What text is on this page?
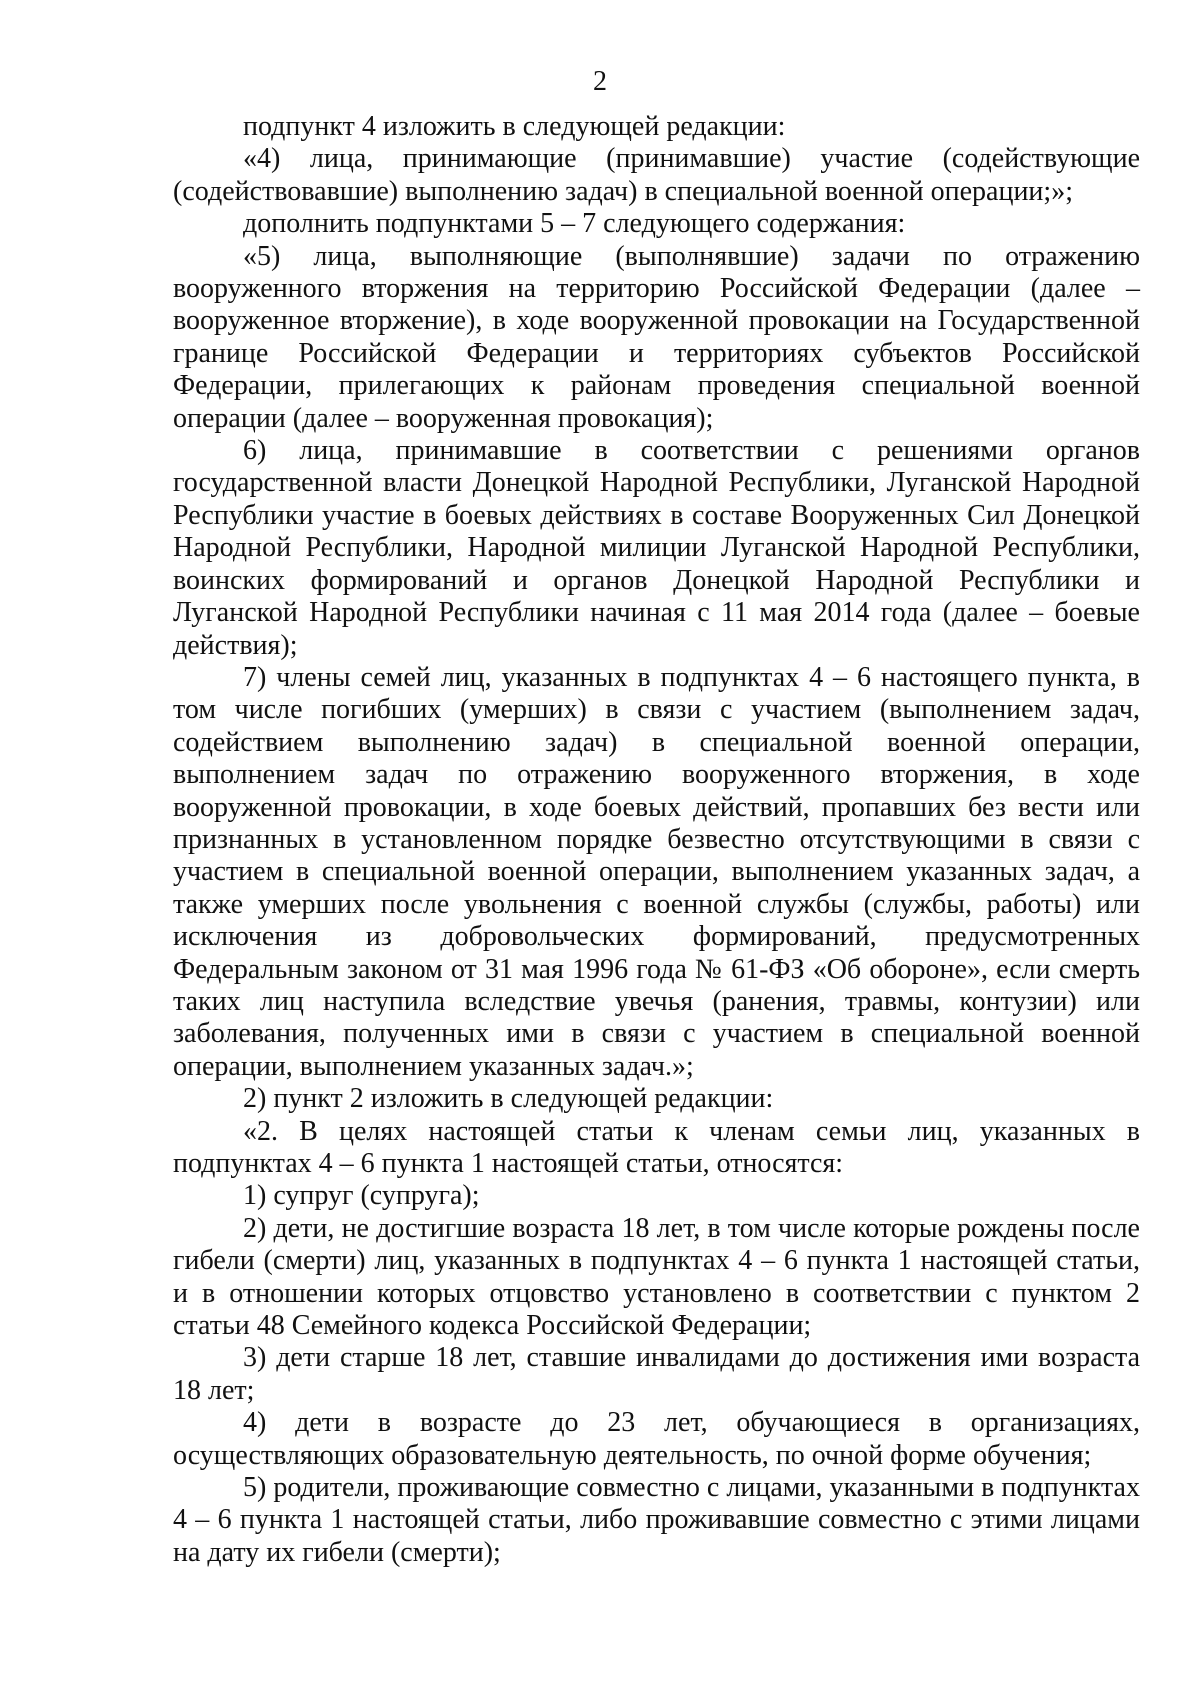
2

подпункт 4 изложить в следующей редакции:

«4) лица, принимающие (принимавшие) участие (содействующие (содействовавшие) выполнению задач) в специальной военной операции;»;

дополнить подпунктами 5 – 7 следующего содержания:

«5) лица, выполняющие (выполнявшие) задачи по отражению вооруженного вторжения на территорию Российской Федерации (далее – вооруженное вторжение), в ходе вооруженной провокации на Государственной границе Российской Федерации и территориях субъектов Российской Федерации, прилегающих к районам проведения специальной военной операции (далее – вооруженная провокация);

6) лица, принимавшие в соответствии с решениями органов государственной власти Донецкой Народной Республики, Луганской Народной Республики участие в боевых действиях в составе Вооруженных Сил Донецкой Народной Республики, Народной милиции Луганской Народной Республики, воинских формирований и органов Донецкой Народной Республики и Луганской Народной Республики начиная с 11 мая 2014 года (далее – боевые действия);

7) члены семей лиц, указанных в подпунктах 4 – 6 настоящего пункта, в том числе погибших (умерших) в связи с участием (выполнением задач, содействием выполнению задач) в специальной военной операции, выполнением задач по отражению вооруженного вторжения, в ходе вооруженной провокации, в ходе боевых действий, пропавших без вести или признанных в установленном порядке безвестно отсутствующими в связи с участием в специальной военной операции, выполнением указанных задач, а также умерших после увольнения с военной службы (службы, работы) или исключения из добровольческих формирований, предусмотренных Федеральным законом от 31 мая 1996 года № 61-ФЗ «Об обороне», если смерть таких лиц наступила вследствие увечья (ранения, травмы, контузии) или заболевания, полученных ими в связи с участием в специальной военной операции, выполнением указанных задач.»;

2) пункт 2 изложить в следующей редакции:

«2. В целях настоящей статьи к членам семьи лиц, указанных в подпунктах 4 – 6 пункта 1 настоящей статьи, относятся:

1) супруг (супруга);

2) дети, не достигшие возраста 18 лет, в том числе которые рождены после гибели (смерти) лиц, указанных в подпунктах 4 – 6 пункта 1 настоящей статьи, и в отношении которых отцовство установлено в соответствии с пунктом 2 статьи 48 Семейного кодекса Российской Федерации;

3) дети старше 18 лет, ставшие инвалидами до достижения ими возраста 18 лет;

4) дети в возрасте до 23 лет, обучающиеся в организациях, осуществляющих образовательную деятельность, по очной форме обучения;

5) родители, проживающие совместно с лицами, указанными в подпунктах 4 – 6 пункта 1 настоящей статьи, либо проживавшие совместно с этими лицами на дату их гибели (смерти);
